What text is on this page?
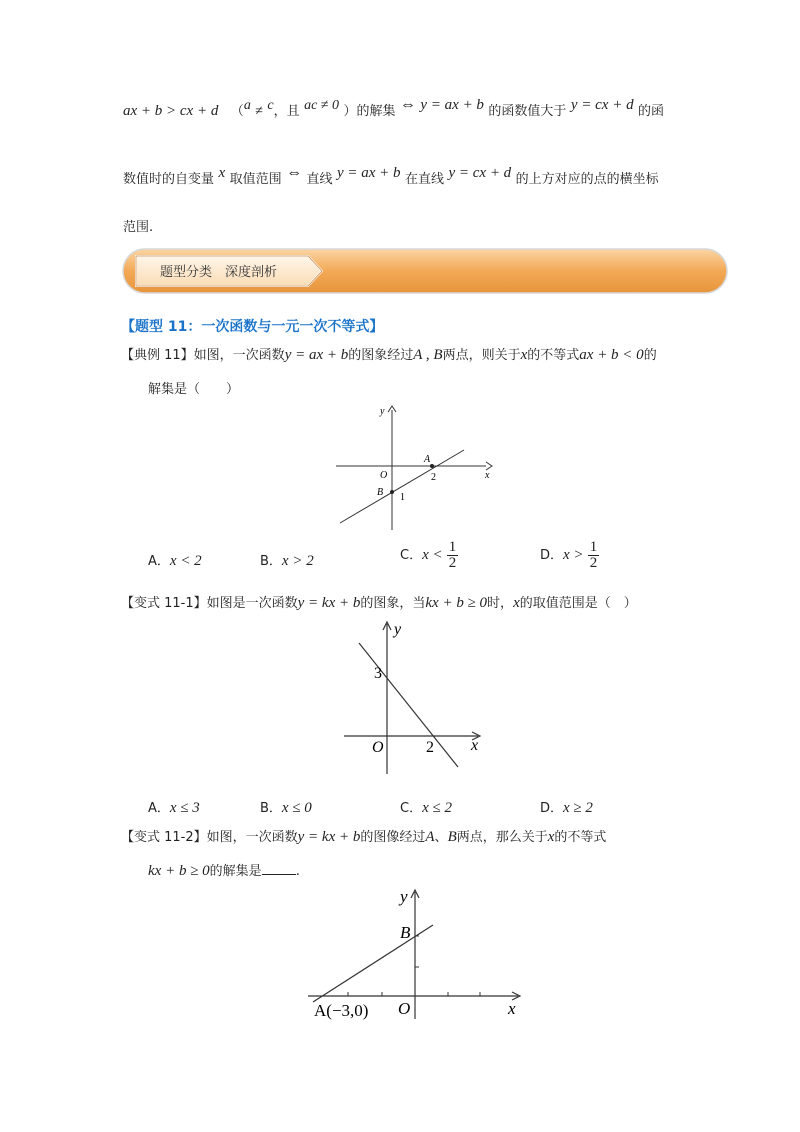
ax + b > cx + d （a ≠ c，且 ac ≠ 0 ）的解集 ⇔ y = ax + b 的函数值大于 y = cx + d 的函
数值时的自变量 x 取值范围 ⇔ 直线 y = ax + b 在直线 y = cx + d 的上方对应的点的横坐标
范围.
题型分类　深度剖析
【题型 11：一次函数与一元一次不等式】
【典例 11】如图，一次函数y = ax + b的图象经过A , B两点，则关于x的不等式ax + b < 0的
解集是（　　）
y
x
O
A
B
2
1
A．x < 2	B．x > 2	C．$x < \frac{1}{2}$	D．$x > \frac{1}{2}$
【变式 11-1】如图是一次函数y = kx + b的图象，当kx + b ≥ 0时，x的取值范围是（　）
y
x
O
3
2
A．x ≤ 3	B．x ≤ 0	C．x ≤ 2	D．x ≥ 2
【变式 11-2】如图，一次函数y = kx + b的图像经过A、B两点，那么关于x的不等式
kx + b ≥ 0的解集是	.
y
x
O
B
A(−3,0)
